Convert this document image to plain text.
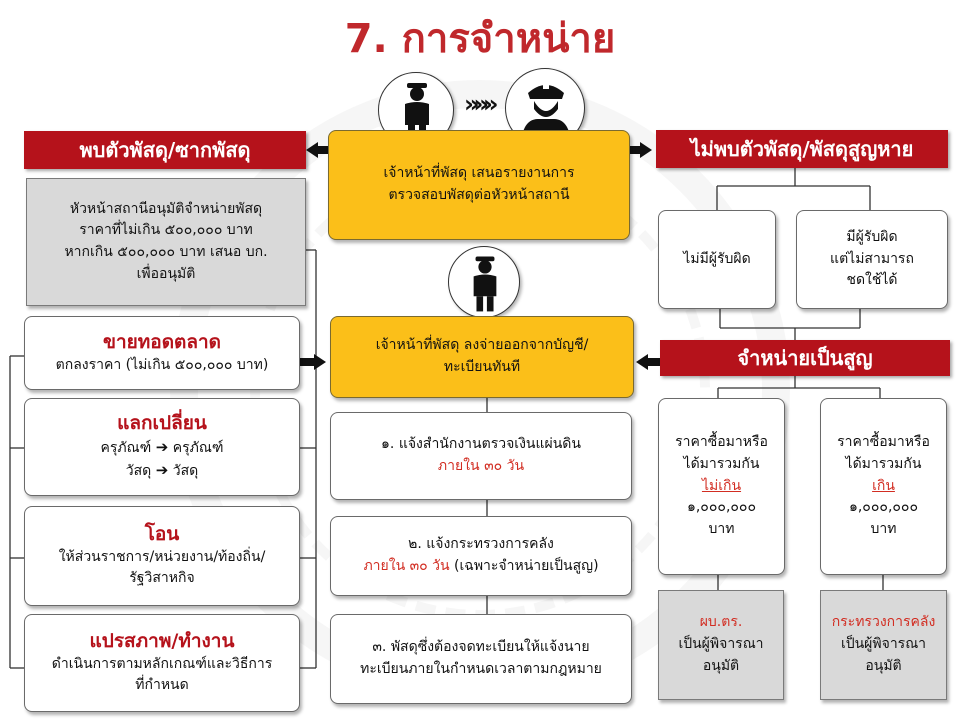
7. การจำหน่าย
»»»
พบตัวพัสดุ/ซากพัสดุ
หัวหน้าสถานีอนุมัติจำหน่ายพัสดุ
ราคาที่ไม่เกิน ๕๐๐,๐๐๐ บาท
หากเกิน ๕๐๐,๐๐๐ บาท เสนอ บก.
เพื่ออนุมัติ
ขายทอดตลาด
ตกลงราคา (ไม่เกิน ๕๐๐,๐๐๐ บาท)
แลกเปลี่ยน
ครุภัณฑ์ ➔ ครุภัณฑ์
วัสดุ ➔ วัสดุ
โอน
ให้ส่วนราชการ/หน่วยงาน/ท้องถิ่น/
รัฐวิสาหกิจ
แปรสภาพ/ทำงาน
ดำเนินการตามหลักเกณฑ์และวิธีการ
ที่กำหนด
เจ้าหน้าที่พัสดุ เสนอรายงานการ
ตรวจสอบพัสดุต่อหัวหน้าสถานี
เจ้าหน้าที่พัสดุ ลงจ่ายออกจากบัญชี/
ทะเบียนทันที
๑. แจ้งสำนักงานตรวจเงินแผ่นดิน
ภายใน ๓๐ วัน
๒. แจ้งกระทรวงการคลัง
ภายใน ๓๐ วัน (เฉพาะจำหน่ายเป็นสูญ)
๓. พัสดุซึ่งต้องจดทะเบียนให้แจ้งนาย
ทะเบียนภายในกำหนดเวลาตามกฎหมาย
ไม่พบตัวพัสดุ/พัสดุสูญหาย
ไม่มีผู้รับผิด
มีผู้รับผิด
แต่ไม่สามารถ
ชดใช้ได้
จำหน่ายเป็นสูญ
ราคาซื้อมาหรือ
ได้มารวมกัน
ไม่เกิน
๑,๐๐๐,๐๐๐
บาท
ราคาซื้อมาหรือ
ได้มารวมกัน
เกิน
๑,๐๐๐,๐๐๐
บาท
ผบ.ตร.
เป็นผู้พิจารณา
อนุมัติ
กระทรวงการคลัง
เป็นผู้พิจารณา
อนุมัติ
